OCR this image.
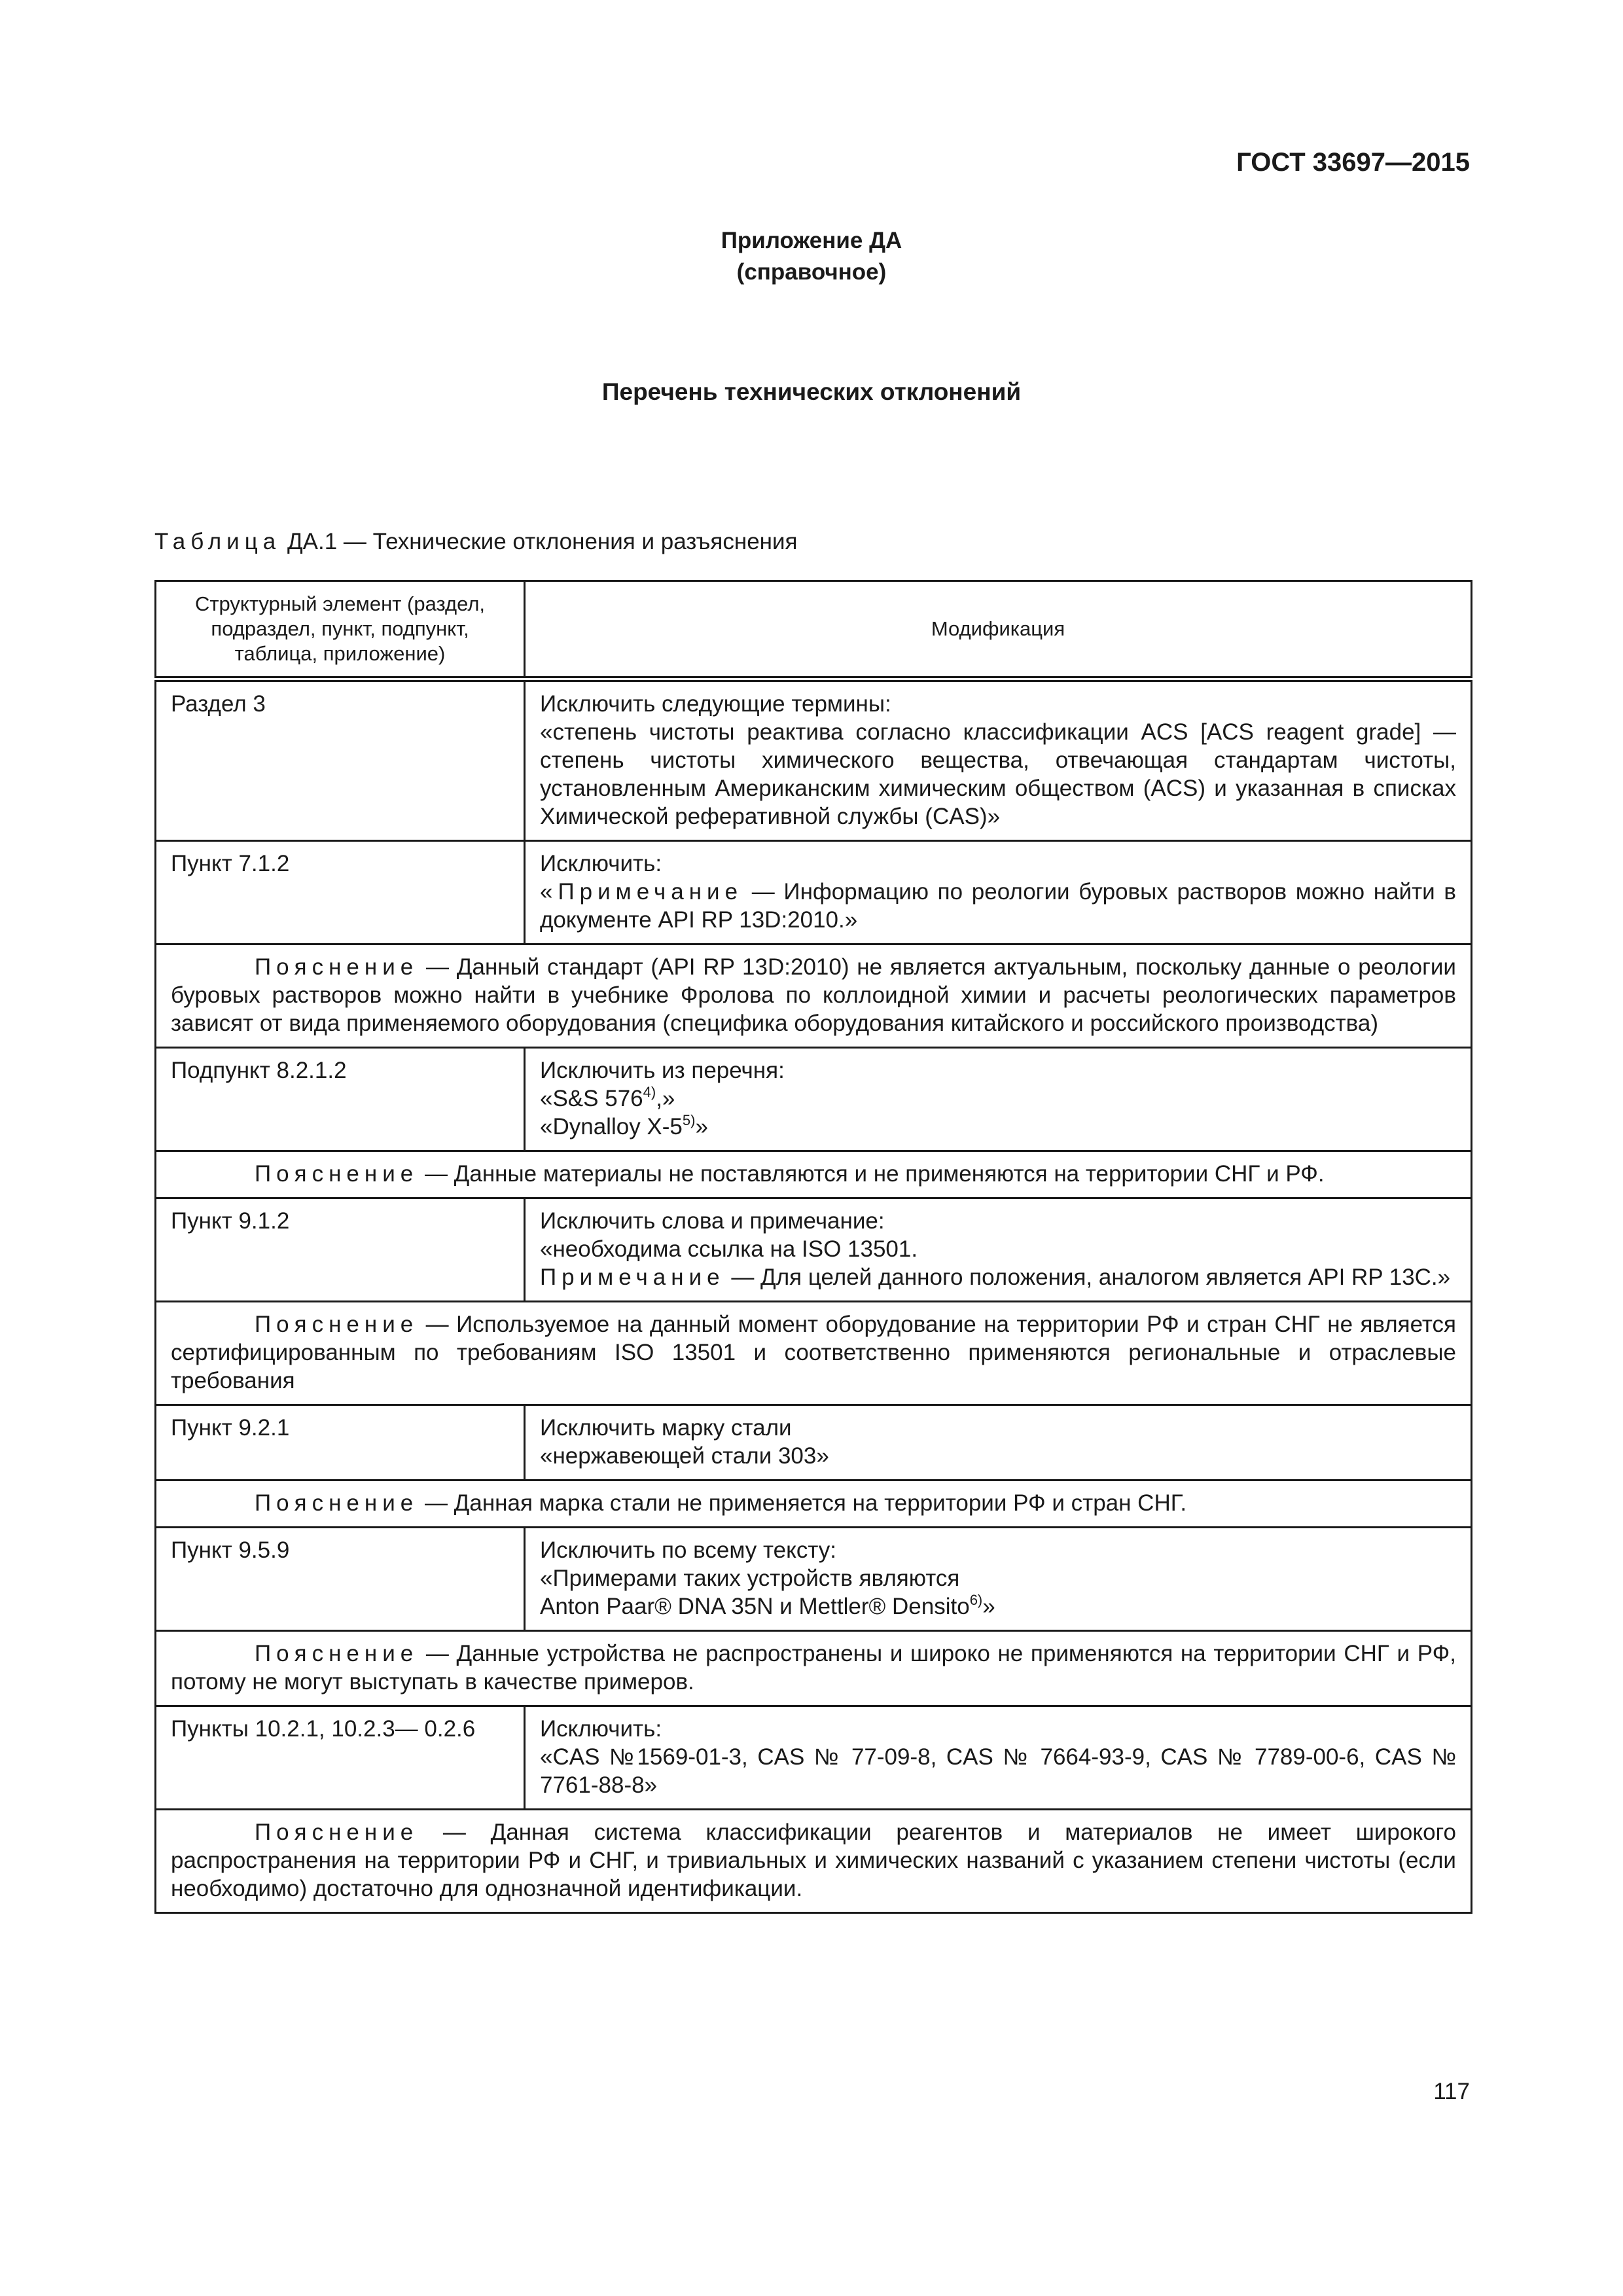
ГОСТ 33697—2015
Приложение ДА
(справочное)
Перечень технических отклонений
Таблица ДА.1 — Технические отклонения и разъяснения
Структурный элемент (раздел, подраздел, пункт, подпункт, таблица, приложение)	Модификация
Раздел 3	Исключить следующие термины:
«степень чистоты реактива согласно классификации ACS [ACS reagent grade] — степень чистоты химического вещества, отвечающая стандартам чистоты, установленным Американским химическим обществом (ACS) и указанная в списках Химической реферативной службы (CAS)»

Пункт 7.1.2	Исключить:
«Примечание — Информацию по реологии буровых растворов можно найти в документе API RP 13D:2010.»

Пояснение — Данный стандарт (API RP 13D:2010) не является актуальным, поскольку данные о реологии буровых растворов можно найти в учебнике Фролова по коллоидной химии и расчеты реологических параметров зависят от вида применяемого оборудования (специфика оборудования китайского и российского производства)	
Подпункт 8.2.1.2	Исключить из перечня:
«S&S 576$^{4)}$,»
«Dynalloy X-5$^{5)}$»

Пояснение — Данные материалы не поставляются и не применяются на территории СНГ и РФ.	
Пункт 9.1.2	Исключить слова и примечание:
«необходима ссылка на ISO 13501.
Примечание — Для целей данного положения, аналогом является API RP 13С.»

Пояснение — Используемое на данный момент оборудование на территории РФ и стран СНГ не является сертифицированным по требованиям ISO 13501 и соответственно применяются региональные и отраслевые требования	
Пункт 9.2.1	Исключить марку стали
«нержавеющей стали 303»

Пояснение — Данная марка стали не применяется на территории РФ и стран СНГ.	
Пункт 9.5.9	Исключить по всему тексту:
«Примерами таких устройств являются
Anton Paar® DNA 35N и Mettler® Densito$^{6)}$»

Пояснение — Данные устройства не распространены и широко не применяются на территории СНГ и РФ, потому не могут выступать в качестве примеров.	
Пункты 10.2.1, 10.2.3— 0.2.6	Исключить:
«CAS №1569-01-3, CAS № 77-09-8, CAS № 7664-93-9, CAS № 7789-00-6, CAS № 7761-88-8»

Пояснение — Данная система классификации реагентов и материалов не имеет широкого распространения на территории РФ и СНГ, и тривиальных и химических названий с указанием степени чистоты (если необходимо) достаточно для однозначной идентификации.	
117
